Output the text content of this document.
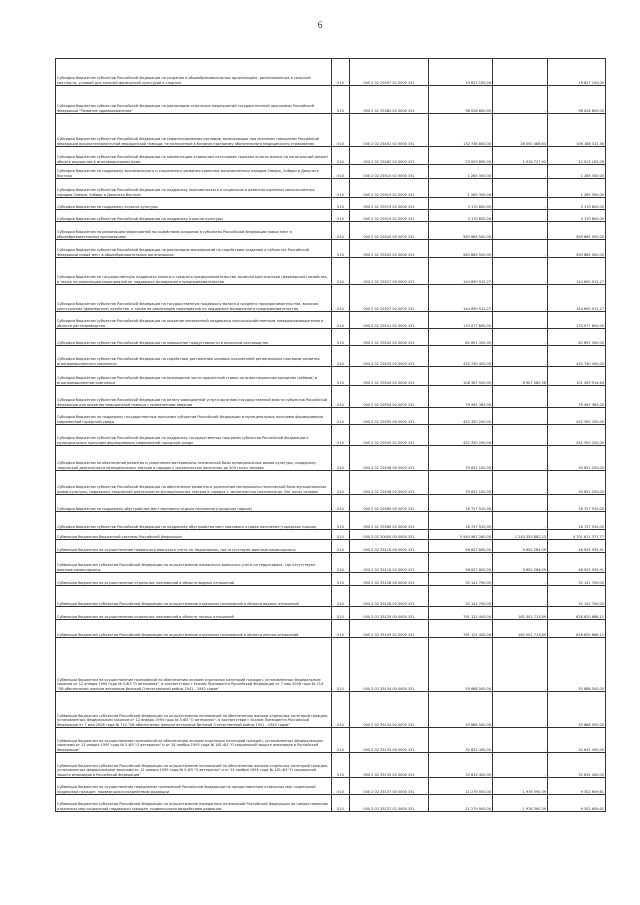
6
Субсидии бюджетам субъектов Российской Федерации на создание в общеобразовательных организациях, расположенных в сельской местности, условий для занятий физической культурой и спортом	010	000 2 02 25097 02 0000 151	19 827 100,00		19 827 100,00
Субсидии бюджетам субъектов Российской Федерации на реализацию отдельных мероприятий государственной программы Российской Федерации "Развитие здравоохранения"	010	000 2 02 25382 02 0000 151	96 028 600,00	-	96 028 600,00
Субсидии бюджетам субъектов Российской Федерации на софинансирование расходов, возникающих при оказании гражданам Российской Федерации высокотехнологичной медицинской помощи, не включенной в базовую программу обязательного медицинского страхования	010	000 2 02 25402 02 0000 151	132 738 800,00	26 550 488,64	106 188 311,36
Субсидии бюджетам субъектов Российской Федерации на компенсацию отдельным категориям граждан оплаты взноса на капитальный ремонт общего имущества в многоквартирном доме	010	000 2 02 25462 02 0000 151	23 929 890,00	1 916 727,92	22 013 162,08
Субсидии бюджетам на поддержку экономического и социального развития коренных малочисленных народов Севера, Сибири и Дальнего Востока	010	000 2 02 25515 02 0000 151	1 265 300,00	-	1 265 300,00
Субсидии бюджетам субъектов Российской Федерации на поддержку экономического и социального развития коренных малочисленных народов Севера, Сибири и Дальнего Востока	010	000 2 02 25515 02 0000 151	1 265 300,00	-	1 265 300,00
Субсидии бюджетам на поддержку отрасли культуры	010	000 2 02 25519 02 0000 151	3 170 800,00	-	3 170 800,00
Субсидии бюджетам субъектов Российской Федерации на поддержку отрасли культуры	010	000 2 02 25519 02 0000 151	3 170 800,00	-	3 170 800,00
Субсидии бюджетам на реализацию мероприятий по содействию созданию в субъектах Российской Федерации новых мест в общеобразовательных организациях	010	000 2 02 25520 00 0000 151	563 865 500,00	-	563 865 500,00
Субсидии бюджетам субъектов Российской Федерации на реализацию мероприятий по содействию созданию в субъектах Российской Федерации новых мест в общеобразовательных организациях	010	000 2 02 25520 02 0000 151	563 865 500,00	-	563 865 500,00
Субсидии бюджетам на государственную поддержку малого и среднего предпринимательства, включая крестьянские (фермерские) хозяйства, а также на реализацию мероприятий по поддержке молодежного предпринимательства	010	000 2 02 25527 00 0000 151	144 690 912,27	-	144 690 912,27
Субсидии бюджетам субъектов Российской Федерации на государственную поддержку малого и среднего предпринимательства, включая крестьянские (фермерские) хозяйства, а также на реализацию мероприятий по поддержке молодежного предпринимательства	010	000 2 02 25527 02 0000 151	144 690 912,27	-	144 690 912,27
Субсидии бюджетам субъектов Российской Федерации на оказание несвязанной поддержки сельскохозяйственным товаропроизводителям в области растениеводства	010	000 2 02 25541 02 0000 151	133 077 800,00	-	133 077 800,00
Субсидии бюджетам субъектов Российской Федерации на повышение продуктивности в молочном скотоводстве	010	000 2 02 25542 02 0000 151	82 691 300,00	-	82 691 300,00
Субсидии бюджетам субъектов Российской Федерации на содействие достижению целевых показателей региональных программ развития агропромышленного комплекса	010	000 2 02 25543 02 0000 151	432 740 400,00	-	432 740 400,00
Субсидии бюджетам субъектов Российской Федерации на возмещение части процентной ставки по инвестиционным кредитам (займам) в агропромышленном комплексе	010	000 2 02 25544 02 0000 151	108 367 500,00	6 907 585,36	101 459 914,64
Субсидии бюджетам субъектов Российской Федерации на оплату авиационной услуги органами государственной власти субъектов Российской Федерации для оказания медицинской помощи с применением авиации	010	000 2 02 25554 02 0000 151	79 492 383,00	-	79 492 383,00
Субсидии бюджетам на поддержку государственных программ субъектов Российской Федерации и муниципальных программ формирования современной городской среды	010	000 2 02 25555 00 0000 151	452 350 200,00	-	452 350 200,00
Субсидии бюджетам субъектов Российской Федерации на поддержку государственных программ субъектов Российской Федерации и муниципальных программ формирования современной городской среды	010	000 2 02 25555 02 0000 151	452 350 200,00	-	452 350 200,00
Субсидии бюджетам на обеспечение развития и укрепления материально-технической базы муниципальных домов культуры, поддержку творческой деятельности муниципальных театров в городах с численностью населения до 300 тысяч человек	010	000 2 02 25558 00 0000 151	39 831 100,00	-	39 831 100,00
Субсидии бюджетам субъектов Российской Федерации на обеспечение развития и укрепления материально-технической базы муниципальных домов культуры, поддержку творческой деятельности муниципальных театров в городах с численностью населения до 300 тысяч человек	010	000 2 02 25558 02 0000 151	39 831 100,00	-	39 831 100,00
Субсидии бюджетам на поддержку обустройства мест массового отдыха населения (городских парков)	010	000 2 02 25560 00 0000 151	16 727 910,00	-	16 727 910,00
Субсидии бюджетам субъектов Российской Федерации на поддержку обустройства мест массового отдыха населения (городских парков)	010	000 2 02 25560 02 0000 151	16 727 910,00	-	16 727 910,00
Субвенции бюджетам бюджетной системы Российской Федерации	010	000 2 02 30000 00 0000 151	5 940 967 260,00	1 240 355 882,23	4 701 611 377,77
Субвенции бюджетам на осуществление первичного воинского учета на территориях, где отсутствуют военные комиссариаты	010	000 2 02 35118 00 0000 151	56 627 800,00	9 602 264,09	46 925 535,91
Субвенции бюджетам субъектов Российской Федерации на осуществление первичного воинского учета на территориях, где отсутствуют военные комиссариаты	010	000 2 02 35118 02 0000 151	56 627 800,00	9 602 264,09	46 925 535,91
Субвенции бюджетам на осуществление отдельных полномочий в области водных отношений	010	000 2 02 35128 00 0000 151	32 141 700,00	-	32 141 700,00
Субвенции бюджетам субъектов Российской Федерации на осуществление отдельных полномочий в области водных отношений	010	000 2 02 35128 02 0000 151	32 141 700,00	-	32 141 700,00
Субвенции бюджетам на осуществление отдельных полномочий в области лесных отношений	010	000 2 02 35129 00 0000 151	791 122 400,00	162 501 713,89	628 620 686,11
Субвенции бюджетам субъектов Российской Федерации на осуществление отдельных полномочий в области лесных отношений	010	000 2 02 35129 02 0000 151	791 122 400,00	162 501 713,89	628 620 686,11
Субвенции бюджетам на осуществление полномочий по обеспечению жильем отдельных категорий граждан, установленных Федеральным законом от 12 января 1995 года № 5-ФЗ "О ветеранах", в соответствии с Указом Президента Российской Федерации от 7 мая 2008 года № 714 "Об обеспечении жильем ветеранов Великой Отечественной войны 1941 - 1945 годов"	010	000 2 02 35134 00 0000 151	55 888 500,00	-	55 888 500,00
Субвенции бюджетам субъектов Российской Федерации на осуществление полномочий по обеспечению жильем отдельных категорий граждан, установленных Федеральным законом от 12 января 1995 года № 5-ФЗ "О ветеранах", в соответствии с Указом Президента Российской Федерации от 7 мая 2008 года № 714 "Об обеспечении жильем ветеранов Великой Отечественной войны 1941 - 1945 годов"	010	000 2 02 35134 02 0000 151	55 888 500,00	-	55 888 500,00
Субвенции бюджетам на осуществление полномочий по обеспечению жильем отдельных категорий граждан, установленных федеральными законами от 12 января 1995 года № 5-ФЗ "О ветеранах" и от 24 ноября 1995 года № 181-ФЗ "О социальной защите инвалидов в Российской Федерации"	010	000 2 02 35135 00 0000 151	32 632 400,00	-	32 632 400,00
Субвенции бюджетам субъектов Российской Федерации на осуществление полномочий по обеспечению жильем отдельных категорий граждан, установленных федеральными законами от 12 января 1995 года № 5-ФЗ "О ветеранах" и от 24 ноября 1995 года № 181-ФЗ "О социальной защите инвалидов в Российской Федерации"	010	000 2 02 35135 02 0000 151	32 632 400,00	-	32 632 400,00
Субвенции бюджетам на осуществление переданных полномочий Российской Федерации по предоставлению отдельных мер социальной поддержки граждан, подвергшихся воздействию радиации	010	000 2 02 35137 00 0000 151	11 279 000,00	1 976 390,39	9 302 609,61
Субвенции бюджетам субъектов Российской Федерации на осуществление переданных полномочий Российской Федерации по предоставлению отдельных мер социальной поддержки граждан, подвергшихся воздействию радиации	010	000 2 02 35137 02 0000 151	11 279 000,00	1 976 390,39	9 302 609,61
